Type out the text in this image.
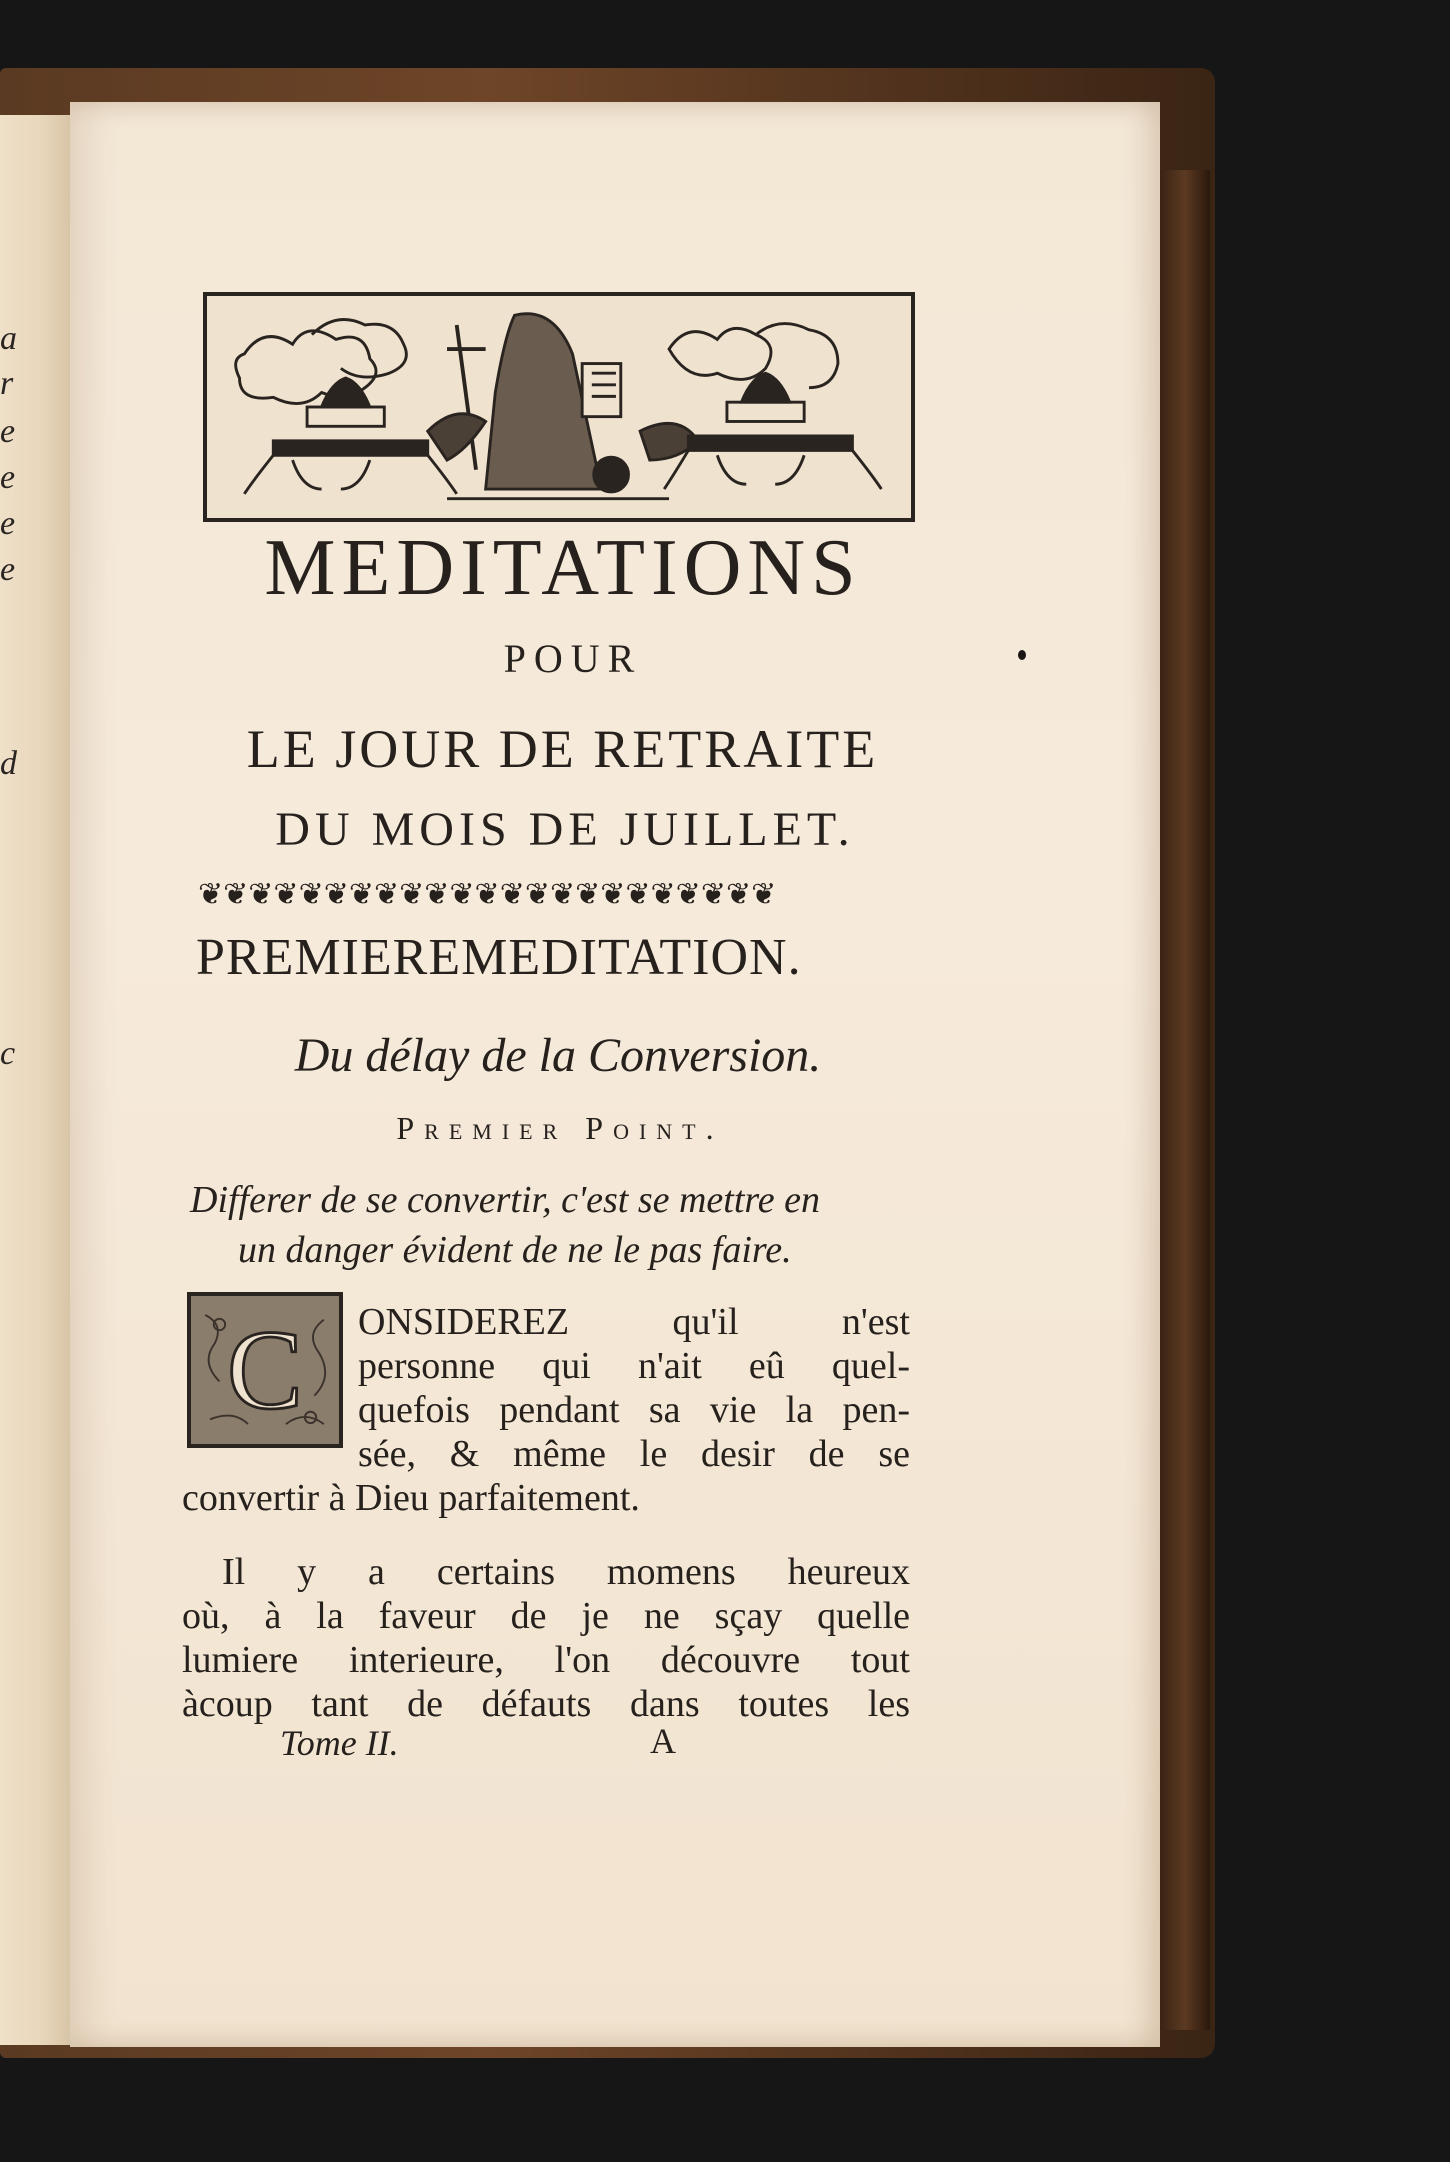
a
r
e
e
e
e
d
c
MEDITATIONS
POUR
LE JOUR DE RETRAITE
DU MOIS DE JUILLET.
❦❦❦❦❦❦❦❦❦❦❦❦❦❦❦❦❦❦❦❦❦❦❦
PREMIEREMEDITATION.
Du délay de la Conversion.
Premier Point.
Differer de se convertir, c'est se mettre en
un danger évident de ne le pas faire.
C	ONSIDEREZ qu'il n'est
personne qui n'ait eû quel-
quefois pendant sa vie la pen-
sée, & même le desir de se
convertir à Dieu parfaitement.
Il y a certains momens heureux
où, à la faveur de je ne sçay quelle
lumiere interieure, l'on découvre tout
àcoup tant de défauts dans toutes les
Tome II.	A
